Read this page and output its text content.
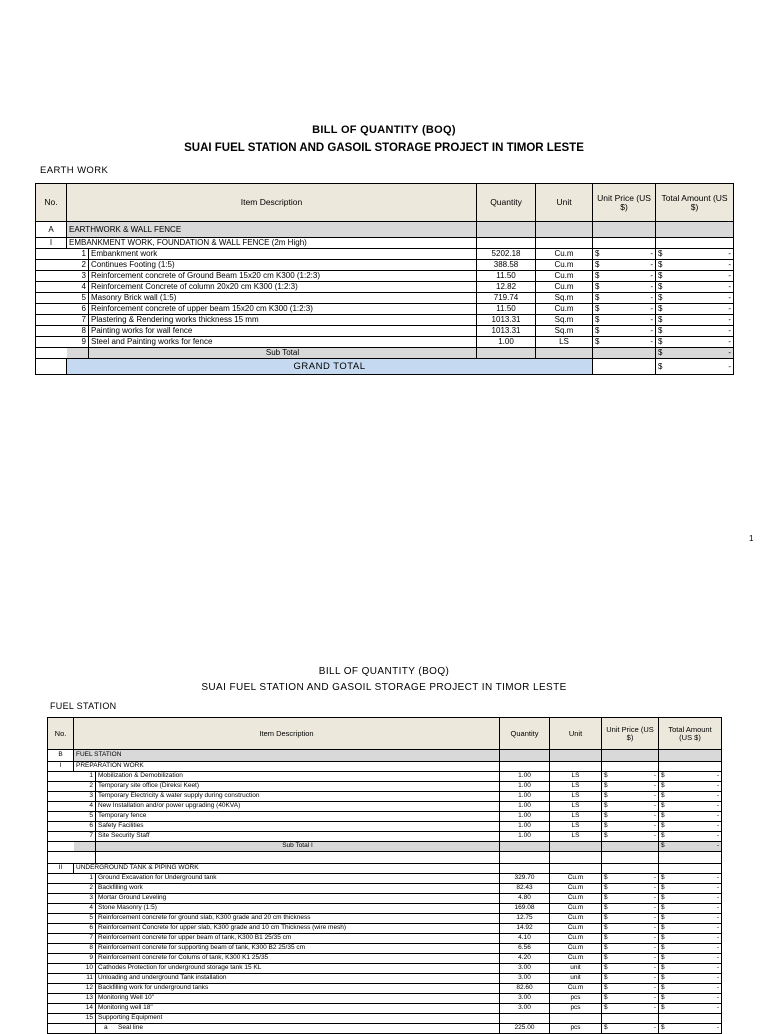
BILL OF QUANTITY (BOQ)
SUAI FUEL STATION AND GASOIL STORAGE PROJECT IN TIMOR LESTE
EARTH WORK
No.	Item Description		Quantity	Unit	Unit Price (US $)	Total Amount (US $)
A	EARTHWORK & WALL FENCE					
I	EMBANKMENT WORK, FOUNDATION & WALL FENCE (2m High)					
	1	Embankment work	5202.18	Cu.m	$ -	$ -

	2	Continues Footing (1:5)	388.58	Cu.m	$ -	$ -

	3	Reinforcement concrete of Ground Beam 15x20 cm K300 (1:2:3)	11.50	Cu.m	$ -	$ -

	4	Reinforcement Concrete of column 20x20 cm K300 (1:2:3)	12.82	Cu.m	$ -	$ -

	5	Masonry Brick wall (1:5)	719.74	Sq.m	$ -	$ -

	6	Reinforcement concrete of upper beam 15x20 cm K300 (1:2:3)	11.50	Cu.m	$ -	$ -

	7	Plastering & Rendering works thickness 15 mm	1013.31	Sq.m	$ -	$ -

	8	Painting works for wall fence	1013.31	Sq.m	$ -	$ -

	9	Steel and Painting works for fence	1.00	LS	$ -	$ -

		Sub Total				$ -

	GRAND TOTAL					$ -
1
BILL OF QUANTITY (BOQ)
SUAI FUEL STATION AND GASOIL STORAGE PROJECT IN TIMOR LESTE
FUEL STATION
No.	Item Description		Quantity	Unit	Unit Price (US $)	Total Amount (US $)
B	FUEL STATION					
I	PREPARATION WORK					
	1	Mobilization & Demobilization	1.00	LS	$ -	$ -

	2	Temporary site office (Direksi Keet)	1.00	LS	$ -	$ -

	3	Temporary Electricity & water supply during construction	1.00	LS	$ -	$ -

	4	New Installation and/or power upgrading (40KVA)	1.00	LS	$ -	$ -

	5	Temporary fence	1.00	LS	$ -	$ -

	6	Safety Facilities	1.00	LS	$ -	$ -

	7	Site Security Staff	1.00	LS	$ -	$ -

		Sub Total I				$ -

II	UNDERGROUND TANK & PIPING WORK					
	1	Ground Excavation for Underground tank	329.70	Cu.m	$ -	$ -

	2	Backfilling work	82.43	Cu.m	$ -	$ -

	3	Mortar Ground Leveling	4.80	Cu.m	$ -	$ -

	4	Stone Masonry (1:5)	169.08	Cu.m	$ -	$ -

	5	Reinforcement concrete for ground slab, K300 grade and 20 cm thickness	12.75	Cu.m	$ -	$ -

	6	Reinforcement Concrete for upper slab, K300 grade and 10 cm Thickness (wire mesh)	14.92	Cu.m	$ -	$ -

	7	Reinforcement concrete for upper beam of tank, K300 B1 25/35 cm	4.10	Cu.m	$ -	$ -

	8	Reinforcement concrete for supporting beam of tank, K300 B2 25/35 cm	6.56	Cu.m	$ -	$ -

	9	Reinforcement concrete for Colums of tank, K300 K1 25/35	4.20	Cu.m	$ -	$ -

	10	Cathodes Protection for underground storage tank 15 KL	3.00	unit	$ -	$ -

	11	Unloading and underground Tank installation	3.00	unit	$ -	$ -

	12	Backfilling work for underground tanks	82.60	Cu.m	$ -	$ -

	13	Monitoring Well 10"	3.00	pcs	$ -	$ -

	14	Monitoring well 18"	3.00	pcs	$ -	$ -

	15	Supporting Equipment				
		a Seal line	225.00	pcs	$ -	$ -
